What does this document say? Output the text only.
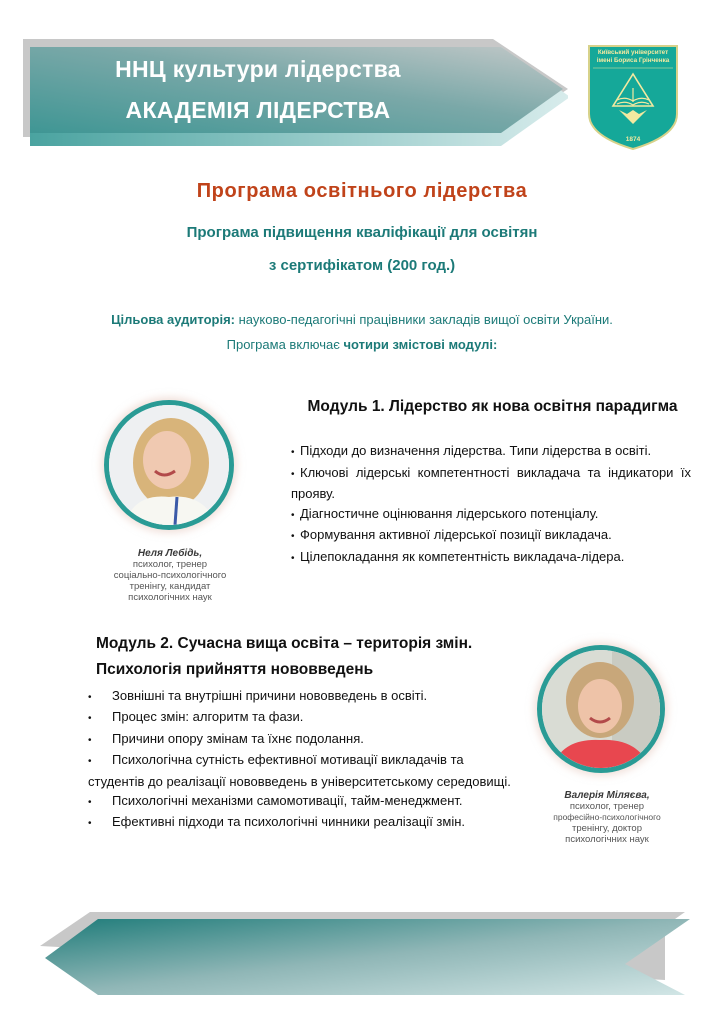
ННЦ культури лідерства
АКАДЕМІЯ ЛІДЕРСТВА
Київський університет
імені Бориса Грінченка
1874
Програма освітнього лідерства
Програма підвищення кваліфікації для освітян
з сертифікатом (200 год.)
Цільова аудиторія: науково-педагогічні працівники закладів вищої освіти України.
Програма включає чотири змістові модулі:
Неля Лебідь,
психолог, тренер
соціально-психологічного
тренінгу, кандидат
психологічних наук
Модуль 1. Лідерство як нова освітня парадигма
• Підходи до визначення лідерства. Типи лідерства в освіті.
• Ключові лідерські компетентності викладача та індикатори їх прояву.
• Діагностичне оцінювання лідерського потенціалу.
• Формування активної лідерської позиції викладача.
• Цілепокладання як компетентність викладача-лідера.
Модуль 2. Сучасна вища освіта – територія змін.
Психологія прийняття нововведень
• Зовнішні та внутрішні причини нововведень в освіті.
• Процес змін: алгоритм та фази.
• Причини опору змінам та їхнє подолання.
• Психологічна сутність ефективної мотивації викладачів та студентів до реалізації нововведень в університетському середовищі.
• Психологічні механізми самомотивації, тайм-менеджмент.
• Ефективні підходи та психологічні чинники реалізації змін.
Валерія Міляєва,
психолог, тренер
професійно-психологічного
тренінгу, доктор
психологічних наук
